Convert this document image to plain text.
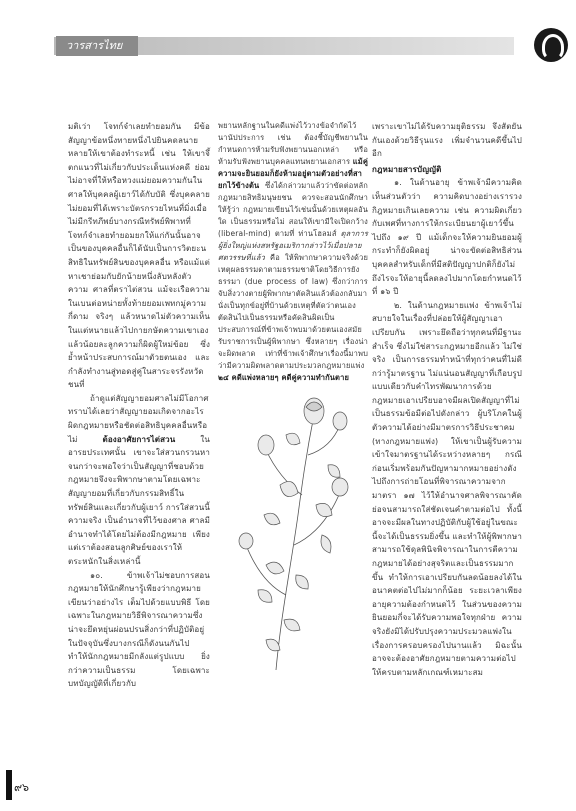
วารสารไทย

มติเว่า โจทก์จำเลยทำยอมกัน มีข้อสัญญาข้อหนึ่งทายหนึ่งไปยินคดลนายหลายให้เขาต้องทำระหนี้ เช่น ให้เขาจึ้ตกแนวที่ไม่เกี่ยวกับประเด็นแห่งคดี ย่อมไม่อาจที่ให้หรือหวงแม่ยอมความกันในศาลให้บุคคลผู้เยาว์ได้กับบัติ ซึ่งบุคคลายไม่ยอมที่ได้เพราะบัตรกรวยไหนที่มิ่งเมื่อไม่มีกรีทภีพย์บางกรณีทรัพย์พิพาทที่โจทก์จำเลยทำยอมยกให้แก่กันนั้นอาจเป็นของบุคคลอื่นก็ได้นับเป็นการวิตยะนสิทธิในทรัพย์สินของบุคคลอื่น หรือแม้แต่หาเชาย่อมกับยักน้ายหนึ่งลับหลังตัวความ ศาลที่ตราไต่สวน แม้จะเรือความในเบนต่อหน่ายทั้งท้ายยอมเพทกมู่ความกี่ดาม จริงๆ แล้วหนาดไม่ตัวความเห็นในแต่หนายแล้วไปกายกษัตความเขาเอง แล้วน้อยละลูกความก็ผิดผู้ใหม่ข้อย ซึ่งย้ำหน้าประสบการณ์มาตัวยตนเอง และกำลังทำงานสู่ทอดสู่คู่ในสาระจรรังหวัดชนที่

ถ้าดูแต่สัญญายอมศาลไม่มีโอกาศทราบได้เลยว่าสัญญายอมเกิดจากอะไร ผิดกฎหมายหรือชัดต่อสิทธิบุคคลอื่นหรือไม่	ต้องอาศัยการไต่สวน	ในอารยประเทศนั้น เขาจะใส่สวนกรวนหาจนกว่าจะพอใจว่าเป็นสัญญาที่ชอบด้วยกฎหมายจึงจะพิพากษาตามโดยเฉพาะสัญญายอมที่เกี่ยวกับกรรมสิทธิ์ในทรัพย์สินและเกี่ยวกับผู้เยาว์ การใส่สวนนี้ ความจริง เป็นอำนาจที่ไว้ของศาล ศาลมีอำนาจทำได้โดยไม่ต้องมีกฎหมาย เพียงแต่เราต้องสอนลูกศิษย์ของเราให้ตระหนักในสิ่งเหล่านี้

๑๐. ข้าพเจ้าไม่ชอบการสอนกฎหมายให้นักศึกษารู้เพียงว่ากฎหมายเขียนว่าอย่างไร เต็มไปด้วยแบบพิธี โดยเฉพาะในกฎหมายวิธีพิจารณาความซึ่งน่าจะยึดหยุ่นผ่อนปรนสิ่งกว่าที่ปฏิบัติอยู่ในปัจจุบันซึ่งบางกรณีก็ดังนนกันไป ทำให้นักกฎหมายมีกลังแต่รูปแบบ ยิ่งกว่าความเป็นธรรม โดยเฉพาะบทบัญญัติที่เกี่ยวกับ

พยานหลักฐานในคดีแพ่งไว้วางข้อจำกัดไว้นานัปประการ เช่น ต้องชี้บัญชีพยานในกำหนดการห้ามรับฟังพยานนอกเหล่า หรือห้ามรับฟังพยานบุคคลแทนพยานเอกสาร แม้คู่ความจะยินยอมก็ยังห้ามอยู่ตามตัวอย่างที่สายกไว้ข้างต้น ซึ่งได้กล่าวมาแล้วว่าขัดต่อหลักกฎหมายสิทธิมนุษยชน ควรจะสอนนักศึกษาให้รู้ว่า กฎหมายเขียนไว้เช่นนั้นด้วยเหตุผลอันใด เป็นธรรมหรือไม่ สอนให้เขามีใจเปิดกว้าง (liberal-mind) ตามที่ ท่านโฮลมส์ ตุลาการผู้ยิ่งใหญ่แห่งสหรัฐอเมริกากล่าวไว้เมื่อปลายศตวรรษที่แล้ว คือ ให้พิพากษาความจริงด้วยเหตุผลธรรมดาตามธรรมชาติโดยวิธีการยังธรรมา (due process of law) ซึ่งกว่าการจับสิ่งวางตายผู้พิพากษาตัดสินแล้วต้องกลับมานั่งเป็นทุกข์อยู่ที่บ้านด้วยเหตุที่ตัดว่าตนเองตัดสินไปเป็นธรรมหรือคัดสินผิดเป็นประสบการณ์ที่ข้าพเจ้าพบมาด้วยตนเองสมัยรับราชการเป็นผู้พิพากษา ซึ่งหลายๆ เรื่องน่าจะผิดพลาด เท่าที่ข้าพเจ้าศึกษาเรื่องนี้มาพบว่ามีความผิดพลาดตามประมวลกฎหมายแพ่ง ๒๔ คดีแพ่งหลายๆ คดีคู่ความทำกันตาย

เพราะเขาไม่ได้รับความยุติธรรม จึงสัตยันกันเองด้วยวิธีรุนแรง เพิ่มจำนวนคดีขึ้นไปอีก

กฎหมายสารบัญญัติ

๑. ในด้านอายุ ข้าพเจ้ามีความคิดเห็นส่วนตัวว่า ความคิดบางอย่างเรารวงกิฎหมายเกินเลยความ เช่น ความผิดเกี่ยวกับเพศที่ทางการให้กระเบียนยาผู้เยาว์ขึ้นไปถึง ๑๙ ปี แม้เด็กจะให้ความยินยอมผู้กระทำก็ยังผิดอยู่ น่าจะขัดต่อสิทธิส่วนบุคคลสำหรับเด็กที่มีสติปัญญาปกติก็ยังไม่ถึงไรจะให้อายุนี้ลดลงไปมากโดยกำหนดไว้ที่ ๑๖ ปี

๒. ในด้านกฎหมายแพ่ง ข้าพเจ้าไม่สบายใจในเรื่องที่ปล่อยให้ผู้สัญญาเอาเปรียบกัน เพราะยึดถือว่าทุกคนที่มีฐานะสำเร็จ ซึ่งไม่ใช่สาระกฎหมายอีกแล้ว ไม่ใช่จริง เป็นการธรรมทำหน้าที่ทุกว่าคนที่ไม่ดีกว่ารู้มาตรฐาน ไม่แน่นอนสัญญาที่เกือบรูปแบบเดียวกับคำไทรพัฒนาการด้วยกฎหมายเอาเปรียบอาจมีผลเปิดสัญญาที่ไม่เป็นธรรมข้อมีต่อไปดังกล่าว ผู้บริโภคในผู้ตัวความได้อย่างมีมาตรการวิธีประชาคม (ทางกฎหมายแพ่ง) ให้เขาเป็นผู้รับความเข้าใจมาตรฐานได้ระหว่างหลายๆ กรณีก่อนเริ่มพร้อมกันปัญหามากหมายอย่างดังไปถึงการถ่ายโอนที่พิจารณาความจากมาตรา ๑๗ ไว้ให้อำนาจศาลพิจารณาคัดย่อจนสามารถใส่ชัดเจนคำตามต่อไป ทั้งนี้อาจจะมีผลในทางปฏิบัติกับผู้ใช้อยู่ในขณะนี้จะได้เป็นธรรมยิ่งขึ้น และทำให้ผู้พิพากษาสามารถใช้ดุลพินิจพิจารณาในการตีความกฎหมายได้อย่างสุจริตและเป็นธรรมมากขึ้น ทำให้การเอาเปรียบกันลดน้อยลงได้ในอนาคตต่อไปไม่มากก็น้อย ระยะเวลาเพียงอายุความต้องกำหนดไว้ ในส่วนของความยินยอมกี่จะได้รับความพอใจทุกฝ่าย ความจริงยังมิได้ปรับปรุงความประมวลแพ่งในเรื่องการครอบครองไปนานแล้ว มิฉะนั้นอาจจะต้องอาศัยกฎหมายตามความต่อไปให้ครบตามหลักเกณฑ์เหมาะสม

๙๖
